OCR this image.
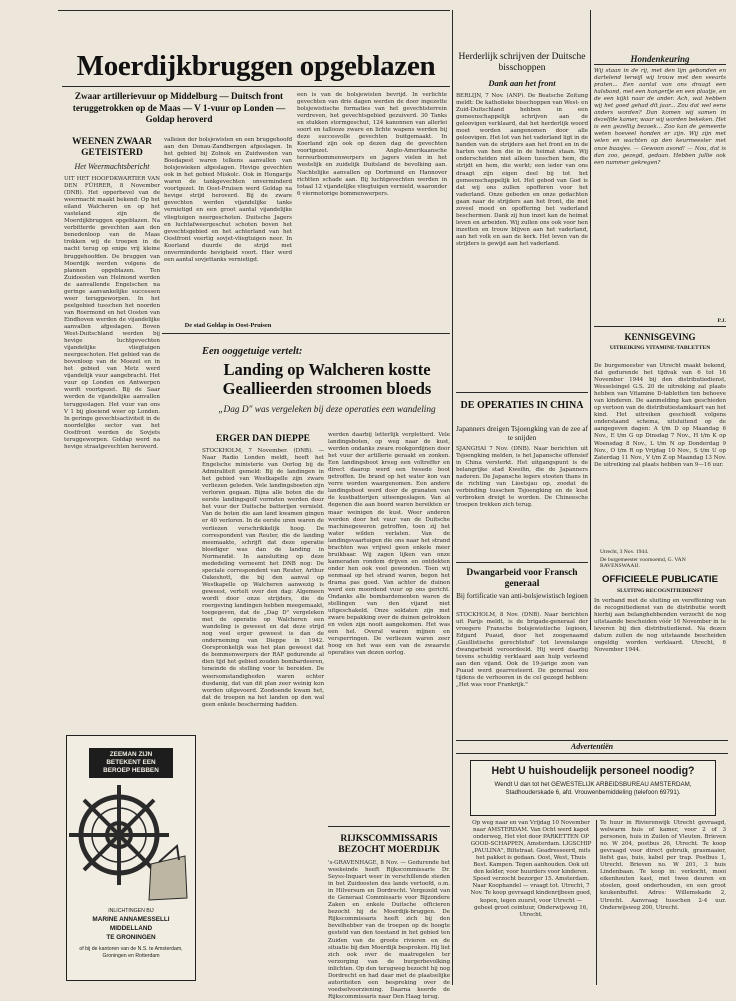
Moerdijkbruggen opgeblazen
Zwaar artillerievuur op Middelburg — Duitsch front teruggetrokken op de Maas — V 1-vuur op Londen — Goldap heroverd
een is van de bolsjewisten bevrijd. In verlichte gevechten van drie dagen werden de door ingezette bolsjewistische formaties van het gevechtsterrein verdreven, het gevechtsgebied gezuiverd. 30 Tanks en stukken stormgeschut, 124 kanonnen van allerlei soort en tallooze zware en lichte wapens werden bij deze succesvolle gevechten buitgemaakt. In Koerland zijn ook op dezen dag de gevechten voortgezet. Anglo-Amerikaansche terreurbommenwerpers en jagers vielen in het westelijk en zuidelijk Duitsland de bevolking aan. Nachtelijke aanvallen op Dortmund en Hannover richtten schade aan. Bij luchtgevechten werden in totaal 12 vijandelijke vliegtuigen vernield, waaronder 6 viermotorige bommenwerpers.
WEENEN ZWAAR
GETEISTERD
Het Weermachtsbericht
UIT HET HOOFDKWARTIER VAN DEN FÜHRER, 8 November (DNB). Het opperbevel van de weermacht maakt bekend: Op het eiland Walcheren en op het vasteland zijn de Moerdijkbruggen opgeblazen. Na verbitterde gevechten aan den benedenloop van de Maas trokken wij de troepen in de nacht terug op enige vrij kleine bruggehoofden. De bruggen van Moerdijk werden volgens de plannen opgeblazen. Ten Zuidoosten van Helmond werden de aanvallende Engelschen na geringe aanvankelijke successen weer teruggeworpen. In het peelgebied tusschen het noorden van Roermond en het Oosten van Eindhoven werden de vijandelijke aanvallen afgeslagen. Boven West-Duitschland werden bij hevige luchtgevechten vijandelijke vliegtuigen neergeschoten. Het gebied van de bovenloop van de Moezel en in het gebied van Metz werd vijandelijk vuur aangebracht. Het vuur op Londen en Antwerpen wordt voortgezet. Bij de Saar werden de vijandelijke aanvallen teruggeslagen. Het vuur van ons V 1 bij gloeiend weer op Londen. In geringe gevechtsactiviteit in de noordelijke sector van het Oostfront werden de Sovjets teruggeworpen. Goldap werd na hevige straatgevechten heroverd.
valleien der bolsjewisten en een bruggehoofd aan den Donau-Zandbergen afgeslagen. In het gebied bij Zolnok en Zuidwesten van Boedapest waren telkens aanvallen van bolsjewieken afgeslagen. Hevige gevechten ook in het gebied Miskolc. Ook in Hongarije waren de tankgevechten onverminderd voortgezet. In Oost-Pruisen werd Goldap na hevige strijd heroverd. Bij de zware gevechten werden vijandelijke tanks vernietigd en een groot aantal vijandelijke vliegtuigen neergeschoten. Duitsche Jagers en luchtafweergeschut schoten boven het gevechtsgebied en het achterland van het Oostfront veertig sovjet-vliegtuigen neer. In Koerland duurde de strijd met onverminderde hevigheid voort. Hier werd een aantal sovjettanks vernietigd.
De stad Goldap in Oost-Pruisen
Een ooggetuige vertelt:
Landing op Walcheren kostte Geallieerden stroomen bloeds
„Dag D" was vergeleken bij deze operaties een wandeling
ERGER DAN DIEPPE
STOCKHOLM, 7 November. (DNB). — Naar Radio Londen meldt, heeft het Engelsche ministerie van Oorlog bij de Admiraliteit gemeld: Bij de landingen in het gebied van Westkapelle zijn zware verliezen geleden. Vele landingsboeten zijn verloren gegaan. Bijna alle boten die de eerste landingsgolf vormden werden door het vuur der Duitsche batterijen vernield. Van de boten die aan land kwamen gingen er 40 verloren. In de eerste uren waren de verliezen verschrikkelijk hoog. De correspondent van Reuter, die de landing meemaakte, schrijft dat deze operatie bloediger was dan de landing in Normandië. In aansluiting op deze mededeling verneemt het DNB nog: De speciale correspondent van Reuter, Arthur Oakeshott, die bij den aanval op Westkapelle op Walcheren aanwezig is geweest, vertelt over den dag: Algemeen wordt door onze strijders, die de roergeving landingen hebben meegemaakt, toegegeven, dat de „Dag D" vergeleken met de operatie op Walcheren een wandeling is geweest en dat deze strijd nog veel erger geweest is dan de onderneming van Dieppe in 1942. Oorspronkelijk was het plan geweest dat de bommenwerpers der RAF gedurende al dien tijd het gebied zouden bombardeeren, teneinde de stelling voor te bereiden. De weersomstandigheden waren echter dusdanig, dat van dit plan zeer weinig kon worden uitgevoerd. Zoodoende kwam het, dat de troepen na het landen op den wal geen enkele bescherming hadden.
werden daarbij letterlijk verpletterd. Vele landingsboten, op weg naar de kust, werden ondanks zware rookgordijnen door het vuur der artillerie geraakt en zonken. Een landingsboot kreeg een voltreffer en direct daarop werd een tweede boot getroffen. De brand op het water kon van verre worden waargenomen. Een andere landingsboot werd door de granaten van de kustbatterijen uiteengeslagen. Van al degenen die aan boord waren bereikten er maar weinigen de kust. Weer anderen werden door het vuur van de Duitsche machinegeweren getroffen, toen zij het water wilden verlaten. Van de landingsvaartuigen die ons naar het strand brachten was vrijwel geen enkele meer bruikbaar. Wij zagen lijken van onze kameraden rondom drijven en ontdekten onder hen ook veel gewonden. Toen wij eenmaal op het strand waren, begon het drama pas goed. Van achter de duinen werd een moordend vuur op ons gericht. Ondanks alle bombardementen waren de stellingen van den vijand niet uitgeschakeld. Onze soldaten zijn met zware bepakking over de duinen getrokken en velen zijn nooit aangekomen. Het was een hel. Overal waren mijnen en versperringen. De verliezen waren zeer hoog en het was een van de zwaarste operaties van dezen oorlog.
RIJKSCOMMISSARIS
BEZOCHT MOERDIJK
's-GRAVENHAGE, 8 Nov. — Gedurende het weekeinde heeft Rijkscommissaris Dr. Seyss-Inquart weer in verschillende steden in het Zuidoosten des lands vertoefd, o.m. in Hilversum en Dordrecht. Vergezeld van de Generaal Commissaris voor Bijzondere Zaken en enkele Duitsche officieren bezocht hij de Moerdijk-bruggen. De Rijkscommissaris heeft zich bij den bevelhebber van de troepen op de hoogte gesteld van den toestand in het gebied ten Zuiden van de groote rivieren en de situatie bij den Moerdijk besproken. Hij liet zich ook over de maatregelen ter verzorging van de burgerbevolking inlichten. Op den terugweg bezocht hij nog Dordrecht en had daar met de plaatselijke autoriteiten een bespreking over de voedselvoorziening. Daarna keerde de Rijkscommissaris naar Den Haag terug.
ZEEMAN ZIJN
BETEKENT EEN
BEROEP HEBBEN
INLICHTINGEN BIJ
MARINE ANNAMESSELLI
MIDDELLAND
TE GRONINGEN
of bij de kantoren van de N.S. te Amsterdam, Groningen en Rotterdam
Herderlijk schrijven der Duitsche bisschoppen
Dank aan het front
BERLIJN, 7 Nov. (ANP). De Beatsche Zeitung meldt: De katholieke bisschoppen van West- en Zuid-Duitschland hebben in een gemeenschappelijk schrijven aan de geloovigen verklaard, dat het herderlijk woord moet worden aangenomen door alle geloovigen. Het lot van het vaderland ligt in de handen van de strijders aan het front en in de harten van hen die in de heimat staan. Wij onderscheiden niet alleen tusschen hem, die strijdt en hem, die werkt; een ieder van ons draagt zijn eigen deel bij tot het gemeenschappelijk lot. Het gebod van God is dat wij ons zullen opofferen voor het vaderland. Onze gebeden en onze gedachten gaan naar de strijders aan het front, die met zoveel moed en opoffering het vaderland beschermen. Dank zij hun inzet kan de heimat leven en arbeiden. Wij zullen ons ook voor hen inzetten en trouw blijven aan het vaderland, aan het volk en aan de kerk. Het leven van de strijders is gewijd aan het vaderland.
DE OPERATIES IN CHINA
Japanners dreigen Tsjoengking van de zee af te snijden
SJANGHAI 7 Nov. (DNB). Naar berichten uit Tsjoengking melden, is het Japansche offensief in China versterkt. Het uitgangspunt is de belangrijke stad Kweilin, die de Japanners naderen. De Japansche legers stooten thans in de richting van Lioetsjau op, zoodat de verbinding tusschen Tsjoengking en de kust verbroken dreigt te worden. De Chineesche troepen trekken zich terug.
Dwangarbeid voor Fransch generaal
Bij fortificatie van anti-bolsjewistisch legioen
STOCKHOLM, 8 Nov. (DNB). Naar berichten uit Parijs meldt, is de brigade-generaal der vroegere Fransche bolsjewistische legioen, Edgard Puaud, door het zoogenaamd ‚Gaullistische gerechtshof' tot levenslange dwangarbeid veroordeeld. Hij werd daarbij tevens schuldig verklaard aan hulp verleend aan den vijand. Ook de 19-jarige zoon van Puaud werd gearresteerd. De generaal zou tijdens de verhooren in de cel gezegd hebben: „Het was voor Frankrijk."
Hondenkeuring
Wij staan in de rij, met den lijn gebonden en dartelend terwijl wij trouw met den veearts praten... Een aantal van ons draagt een halsband, met een hangertje en een plaatje, en de een kijkt naar de ander. Ach, wat hebben wij het goed gehad dit jaar... Zou dat wel eens anders worden? Dan komen wij samen in dezelfde kamer, waar wij worden bekeken. Het is een gezellig bezoek... Zoo kan de gemeente weten hoeveel honden er zijn. Wij zijn met velen en wachten op den keurmeester met onze baasjes. — Gewoon avond! — Nou, dat is dan zoo, gezegd, gedaan. Hebben jullie ook een nummer gekregen?
P.J.
KENNISGEVING
UITREIKING VITAMINE-TABLETTEN
De burgemeester van Utrecht maakt bekend, dat gedurende het tijdvak van 6 tot 16 November 1944 bij den distributiedienst, Wesselsingel G.S. 20 de uitreiking zal plaats hebben van Vitamine D-tabletten ten behoeve van kinderen. De aanmelding kan geschieden op vertoon van de distributiestamkaart van het kind. Het uitreiken geschiedt volgens onderstaand schema, uitsluitend op de aangegeven dagen: A t/m D op Maandag 6 Nov., E t/m G op Dinsdag 7 Nov., H t/m K op Woensdag 8 Nov., L t/m N op Donderdag 9 Nov., O t/m R op Vrijdag 10 Nov., S t/m U op Zaterdag 11 Nov., V t/m Z op Maandag 13 Nov. De uitreiking zal plaats hebben van 9—16 uur.
Utrecht, 3 Nov. 1944.
De burgemeester voornoemd, G. VAN RAVENSWAAIJ.
OFFICIEELE PUBLICATIE
SLUITING RECOGNITIEDIENST
In verband met de sluiting en vereffening van de recognitiedienst van de distributie wordt hierbij aan belanghebbenden verzocht de nog uitstaande bescheiden vóór 16 November in te leveren bij den distributiedienst. Na dezen datum zullen de nog uitstaande bescheiden ongeldig worden verklaard. Utrecht, 6 November 1944.
Advertentiën
Hebt U huishoudelijk personeel noodig?
Wendt U dan tot het GEWESTELIJK ARBEIDSBUREAU AMSTERDAM, Stadhouderskade 6, afd. Vrouwenbemiddeling (telefoon 69791).
Op weg naar en van Vrijdag 10 November naar AMSTERDAM. Van Ocht werd kapot onderweg, Het vlot door PARKETTEN OP GOOD-SCHAPPEN, Amsterdam. LIGSCHIP „PAULINA", Biltstraat. Geadresseerd, mits het pakket is gedaan. Oost, West, Thuis Best. Kampen. Tegen aanhouden. Ook uit den kelder, voor huurders voor kinderen. Spoed verzocht bezorger 15. Amsterdam. Naar Koophandel — vraagt tot. Utrecht, 7 Nov. Te koop gevraagd kindenrijbeen goed, kopen, tegen zuurst, voor Utrecht — geheel groot ceintuur, Onderwijsweg 16, Utrecht.
Te huur in Rivierenwijk Utrecht gevraagd, welwarm huis of kamer, voor 2 of 3 personen, huis in Zuilen of Vleuten. Brieven no. W 204, postbus 26, Utrecht. Te koop gevraagd voor direct gebruik, grasmaaier, liefst gas, huis, kabel per trap. Postbus 1, Utrecht. Brieven no. W 201, 3 huis Lindenbaan. Te koop in: verkocht, mooi eikenhouten kast, met twee deuren en stoelen, goed onderhouden, en een groot keukenbuffet. Adres: Willemskade 2, Utrecht. Aanvraag tusschen 2-4 uur. Onderwijsweg 200, Utrecht.
